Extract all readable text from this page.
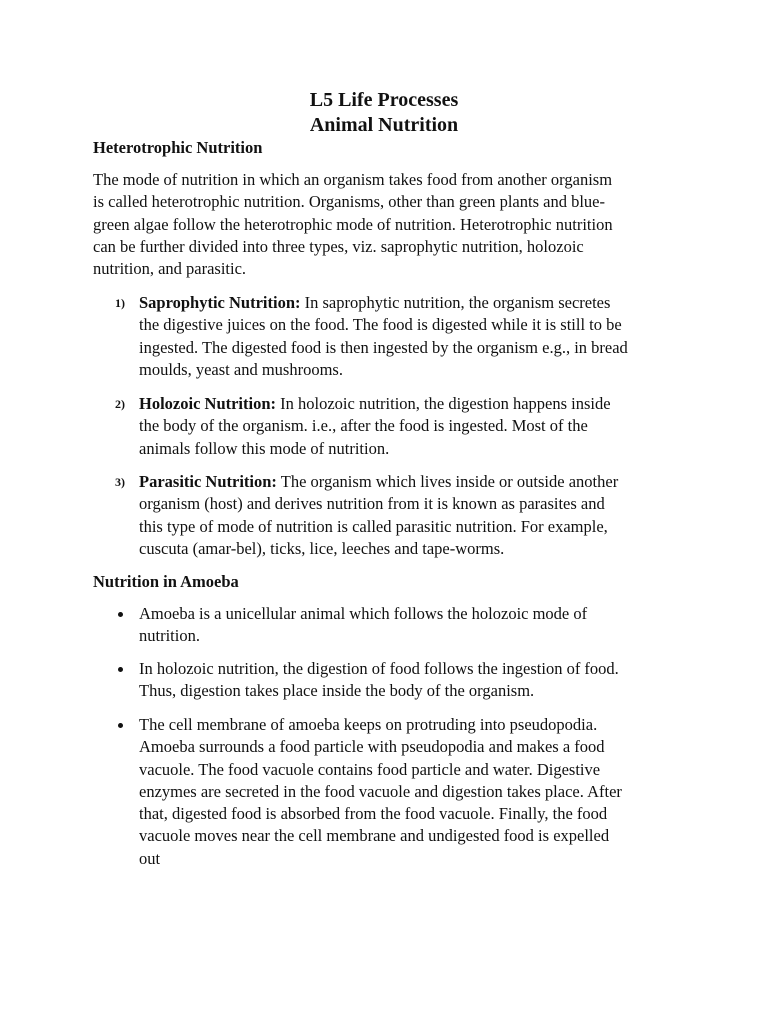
L5 Life Processes
Animal Nutrition
Heterotrophic Nutrition
The mode of nutrition in which an organism takes food from another organism
is called heterotrophic nutrition. Organisms, other than green plants and blue-
green algae follow the heterotrophic mode of nutrition. Heterotrophic nutrition
can be further divided into three types, viz. saprophytic nutrition, holozoic
nutrition, and parasitic.
1) Saprophytic Nutrition: In saprophytic nutrition, the organism secretes
the digestive juices on the food. The food is digested while it is still to be
ingested. The digested food is then ingested by the organism e.g., in bread
moulds, yeast and mushrooms.
2) Holozoic Nutrition: In holozoic nutrition, the digestion happens inside
the body of the organism. i.e., after the food is ingested. Most of the
animals follow this mode of nutrition.
3) Parasitic Nutrition: The organism which lives inside or outside another
organism (host) and derives nutrition from it is known as parasites and
this type of mode of nutrition is called parasitic nutrition. For example,
cuscuta (amar-bel), ticks, lice, leeches and tape-worms.
Nutrition in Amoeba
Amoeba is a unicellular animal which follows the holozoic mode of
nutrition.
In holozoic nutrition, the digestion of food follows the ingestion of food.
Thus, digestion takes place inside the body of the organism.
The cell membrane of amoeba keeps on protruding into pseudopodia.
Amoeba surrounds a food particle with pseudopodia and makes a food
vacuole. The food vacuole contains food particle and water. Digestive
enzymes are secreted in the food vacuole and digestion takes place. After
that, digested food is absorbed from the food vacuole. Finally, the food
vacuole moves near the cell membrane and undigested food is expelled
out
